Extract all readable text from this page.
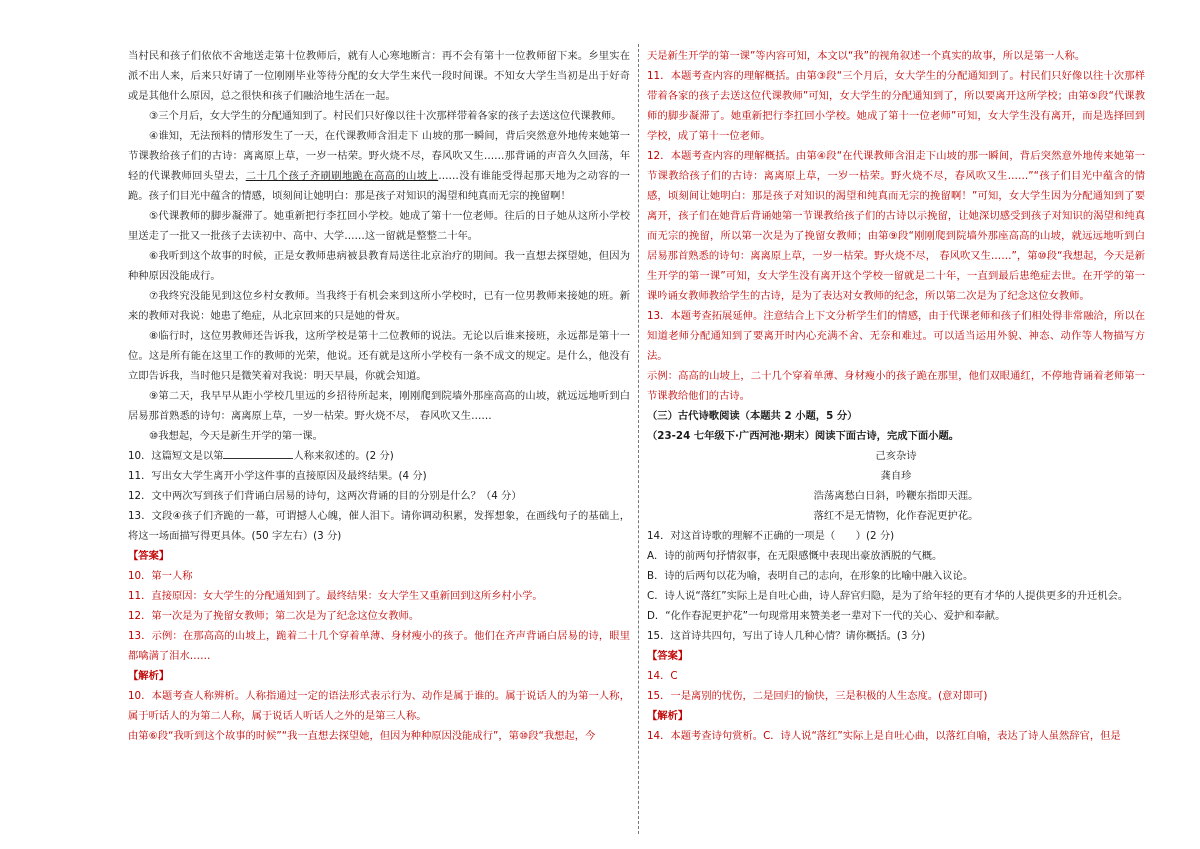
当村民和孩子们依依不舍地送走第十位教师后，就有人心寒地断言：再不会有第十一位教师留下来。乡里实在派不出人来，后来只好请了一位刚刚毕业等待分配的女大学生来代一段时间课。不知女大学生当初是出于好奇或是其他什么原因，总之很快和孩子们融洽地生活在一起。

③三个月后，女大学生的分配通知到了。村民们只好像以往十次那样带着各家的孩子去送这位代课教师。

④谁知，无法预料的情形发生了一天，在代课教师含泪走下 山坡的那一瞬间，背后突然意外地传来她第一节课教给孩子们的古诗：离离原上草，一岁一枯荣。野火烧不尽，春风吹又生……那背诵的声音久久回荡，年轻的代课教师回头望去，二十几个孩子齐刷刷地跪在高高的山坡上……没有谁能受得起那天地为之动容的一跪。孩子们目光中蕴含的情感，顷刻间让她明白：那是孩子对知识的渴望和纯真而无宗的挽留啊！

⑤代课教师的脚步凝滞了。她重新把行李扛回小学校。她成了第十一位老师。往后的日子她从这所小学校里送走了一批又一批孩子去读初中、高中、大学……这一留就是整整二十年。

⑥我听到这个故事的时候，正是女教师患病被县教育局送往北京治疗的期间。我一直想去探望她，但因为种种原因没能成行。

⑦我终究没能见到这位乡村女教师。当我终于有机会来到这所小学校时，已有一位男教师来接她的班。新来的教师对我说：她患了绝症，从北京回来的只是她的骨灰。

⑧临行时，这位男教师还告诉我，这所学校是第十二位教师的说法。无论以后谁来接班，永远都是第十一位。这是所有能在这里工作的教师的光荣，他说。还有就是这所小学校有一条不成文的规定。是什么，他没有立即告诉我，当时他只是微笑着对我说：明天早晨，你就会知道。

⑨第二天，我早早从距小学校几里远的乡招待所起来，刚刚爬到院墙外那座高高的山坡，就远远地听到白居易那首熟悉的诗句：离离原上草，一岁一枯荣。野火烧不尽， 春风吹又生……

⑩我想起，今天是新生开学的第一课。

10．这篇短文是以第	人称来叙述的。(2 分)

11．写出女大学生离开小学这件事的直接原因及最终结果。(4 分)

12．文中两次写到孩子们背诵白居易的诗句，这两次背诵的目的分别是什么？（4 分）

13．文段④孩子们齐跪的一幕，可谓撼人心魄，催人泪下。请你调动积累，发挥想象，在画线句子的基础上，将这一场面描写得更具体。(50 字左右）(3 分)

【答案】

10．第一人称

11．直接原因：女大学生的分配通知到了。最终结果：女大学生又重新回到这所乡村小学。

12．第一次是为了挽留女教师；第二次是为了纪念这位女教师。

13．示例：在那高高的山坡上，跪着二十几个穿着单薄、身材瘦小的孩子。他们在齐声背诵白居易的诗，眼里都噙满了泪水……

【解析】

10．本题考查人称辨析。人称指通过一定的语法形式表示行为、动作是属于谁的。属于说话人的为第一人称，属于听话人的为第二人称，属于说话人听话人之外的是第三人称。

由第⑥段“我听到这个故事的时候”“我一直想去探望她，但因为种种原因没能成行”，第⑩段“我想起，今

天是新生开学的第一课”等内容可知，本文以“我”的视角叙述一个真实的故事，所以是第一人称。

11．本题考查内容的理解概括。由第③段“三个月后，女大学生的分配通知到了。村民们只好像以往十次那样带着各家的孩子去送这位代课教师”可知，女大学生的分配通知到了，所以要离开这所学校；由第⑤段“代课教师的脚步凝滞了。她重新把行李扛回小学校。她成了第十一位老师”可知，女大学生没有离开，而是选择回到学校，成了第十一位老师。

12．本题考查内容的理解概括。由第④段“在代课教师含泪走下山坡的那一瞬间，背后突然意外地传来她第一节课教给孩子们的古诗：离离原上草，一岁一枯荣。野火烧不尽，春风吹又生……”“孩子们目光中蕴含的情感，顷刻间让她明白：那是孩子对知识的渴望和纯真而无宗的挽留啊！”可知，女大学生因为分配通知到了要离开，孩子们在她背后背诵她第一节课教给孩子们的古诗以示挽留，让她深切感受到孩子对知识的渴望和纯真而无宗的挽留，所以第一次是为了挽留女教师；由第⑨段“刚刚爬到院墙外那座高高的山坡，就远远地听到白居易那首熟悉的诗句：离离原上草，一岁一枯荣。野火烧不尽， 春风吹又生……”，第⑩段“我想起，今天是新生开学的第一课”可知，女大学生没有离开这个学校一留就是二十年，一直到最后患绝症去世。在开学的第一课吟诵女教师教给学生的古诗，是为了表达对女教师的纪念，所以第二次是为了纪念这位女教师。

13．本题考查拓展延伸。注意结合上下文分析学生们的情感，由于代课老师和孩子们相处得非常融洽，所以在知道老师分配通知到了要离开时内心充满不舍、无奈和难过。可以适当运用外貌、神态、动作等人物描写方法。

示例：高高的山坡上，二十几个穿着单薄、身材瘦小的孩子跪在那里，他们双眼通红，不停地背诵着老师第一节课教给他们的古诗。

（三）古代诗歌阅读（本题共 2 小题，5 分）

（23-24 七年级下·广西河池·期末）阅读下面古诗，完成下面小题。

己亥杂诗

龚自珍

浩荡离愁白日斜，吟鞭东指即天涯。

落红不是无情物，化作春泥更护花。

14．对这首诗歌的理解不正确的一项是（　　）(2 分)

A．诗的前两句抒情叙事，在无限感慨中表现出豪放洒脱的气概。

B．诗的后两句以花为喻，表明自己的志向，在形象的比喻中融入议论。

C．诗人说“落红”实际上是自吐心曲，诗人辞官归隐，是为了给年轻的更有才华的人提供更多的升迁机会。

D．“化作春泥更护花”一句现常用来赞美老一辈对下一代的关心、爱护和奉献。

15．这首诗共四句，写出了诗人几种心情？请你概括。(3 分)

【答案】

14．C

15．一是离别的忧伤，二是回归的愉快，三是积极的人生态度。(意对即可)

【解析】

14．本题考查诗句赏析。C．诗人说“落红”实际上是自吐心曲，以落红自喻，表达了诗人虽然辞官，但是
